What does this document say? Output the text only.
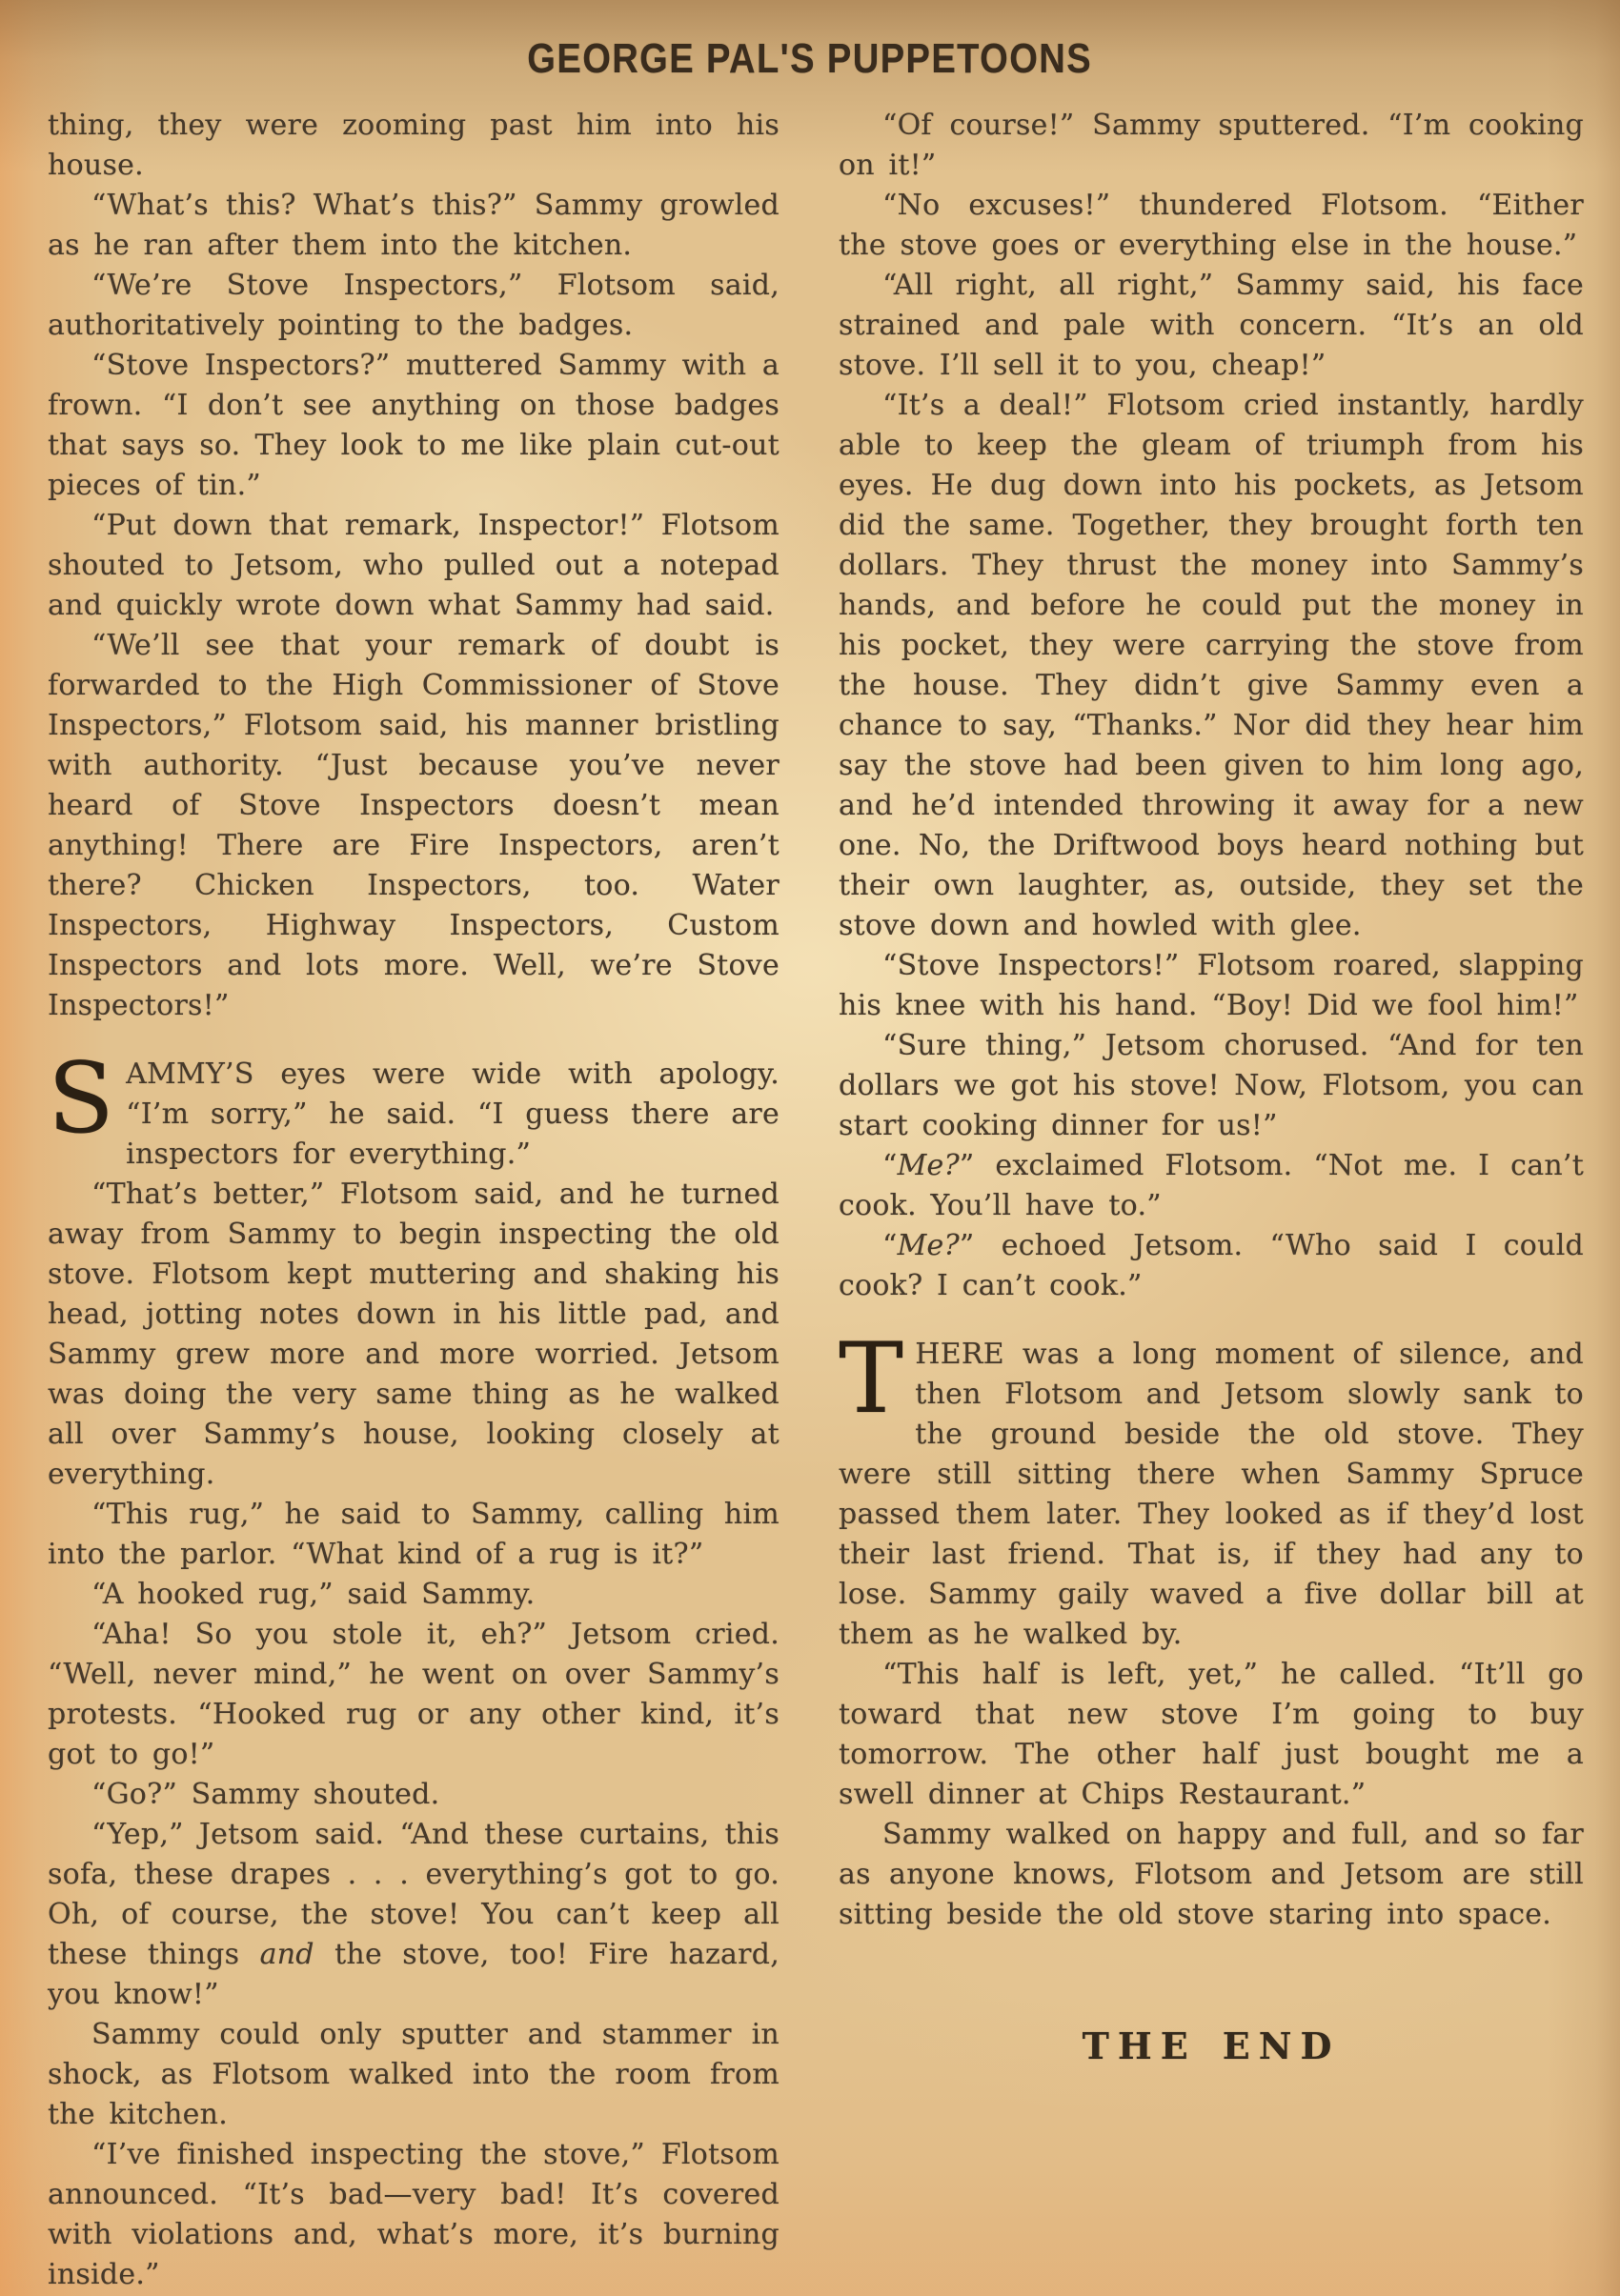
GEORGE PAL'S PUPPETOONS

thing, they were zooming past him into his house.

“What’s this? What’s this?” Sammy growled as he ran after them into the kitchen.

“We’re Stove Inspectors,” Flotsom said, authoritatively pointing to the badges.

“Stove Inspectors?” muttered Sammy with a frown. “I don’t see anything on those badges that says so. They look to me like plain cut-out pieces of tin.”

“Put down that remark, Inspector!” Flotsom shouted to Jetsom, who pulled out a notepad and quickly wrote down what Sammy had said.

“We’ll see that your remark of doubt is forwarded to the High Commissioner of Stove Inspectors,” Flotsom said, his manner bristling with authority. “Just because you’ve never heard of Stove Inspectors doesn’t mean anything! There are Fire Inspectors, aren’t there? Chicken Inspectors, too. Water Inspectors, Highway Inspectors, Custom Inspectors and lots more. Well, we’re Stove Inspectors!”

SAMMY’S eyes were wide with apology. “I’m sorry,” he said. “I guess there are inspectors for everything.”

“That’s better,” Flotsom said, and he turned away from Sammy to begin inspecting the old stove. Flotsom kept muttering and shaking his head, jotting notes down in his little pad, and Sammy grew more and more worried. Jetsom was doing the very same thing as he walked all over Sammy’s house, looking closely at everything.

“This rug,” he said to Sammy, calling him into the parlor. “What kind of a rug is it?”

“A hooked rug,” said Sammy.

“Aha! So you stole it, eh?” Jetsom cried. “Well, never mind,” he went on over Sammy’s protests. “Hooked rug or any other kind, it’s got to go!”

“Go?” Sammy shouted.

“Yep,” Jetsom said. “And these curtains, this sofa, these drapes . . . everything’s got to go. Oh, of course, the stove! You can’t keep all these things and the stove, too! Fire hazard, you know!”

Sammy could only sputter and stammer in shock, as Flotsom walked into the room from the kitchen.

“I’ve finished inspecting the stove,” Flotsom announced. “It’s bad—very bad! It’s covered with violations and, what’s more, it’s burning inside.”

“Of course!” Sammy sputtered. “I’m cooking on it!”

“No excuses!” thundered Flotsom. “Either the stove goes or everything else in the house.”

“All right, all right,” Sammy said, his face strained and pale with concern. “It’s an old stove. I’ll sell it to you, cheap!”

“It’s a deal!” Flotsom cried instantly, hardly able to keep the gleam of triumph from his eyes. He dug down into his pockets, as Jetsom did the same. Together, they brought forth ten dollars. They thrust the money into Sammy’s hands, and before he could put the money in his pocket, they were carrying the stove from the house. They didn’t give Sammy even a chance to say, “Thanks.” Nor did they hear him say the stove had been given to him long ago, and he’d intended throwing it away for a new one. No, the Driftwood boys heard nothing but their own laughter, as, outside, they set the stove down and howled with glee.

“Stove Inspectors!” Flotsom roared, slapping his knee with his hand. “Boy! Did we fool him!”

“Sure thing,” Jetsom chorused. “And for ten dollars we got his stove! Now, Flotsom, you can start cooking dinner for us!”

“Me?” exclaimed Flotsom. “Not me. I can’t cook. You’ll have to.”

“Me?” echoed Jetsom. “Who said I could cook? I can’t cook.”

THERE was a long moment of silence, and then Flotsom and Jetsom slowly sank to the ground beside the old stove. They were still sitting there when Sammy Spruce passed them later. They looked as if they’d lost their last friend. That is, if they had any to lose. Sammy gaily waved a five dollar bill at them as he walked by.

“This half is left, yet,” he called. “It’ll go toward that new stove I’m going to buy tomorrow. The other half just bought me a swell dinner at Chips Restaurant.”

Sammy walked on happy and full, and so far as anyone knows, Flotsom and Jetsom are still sitting beside the old stove staring into space.

THE END
